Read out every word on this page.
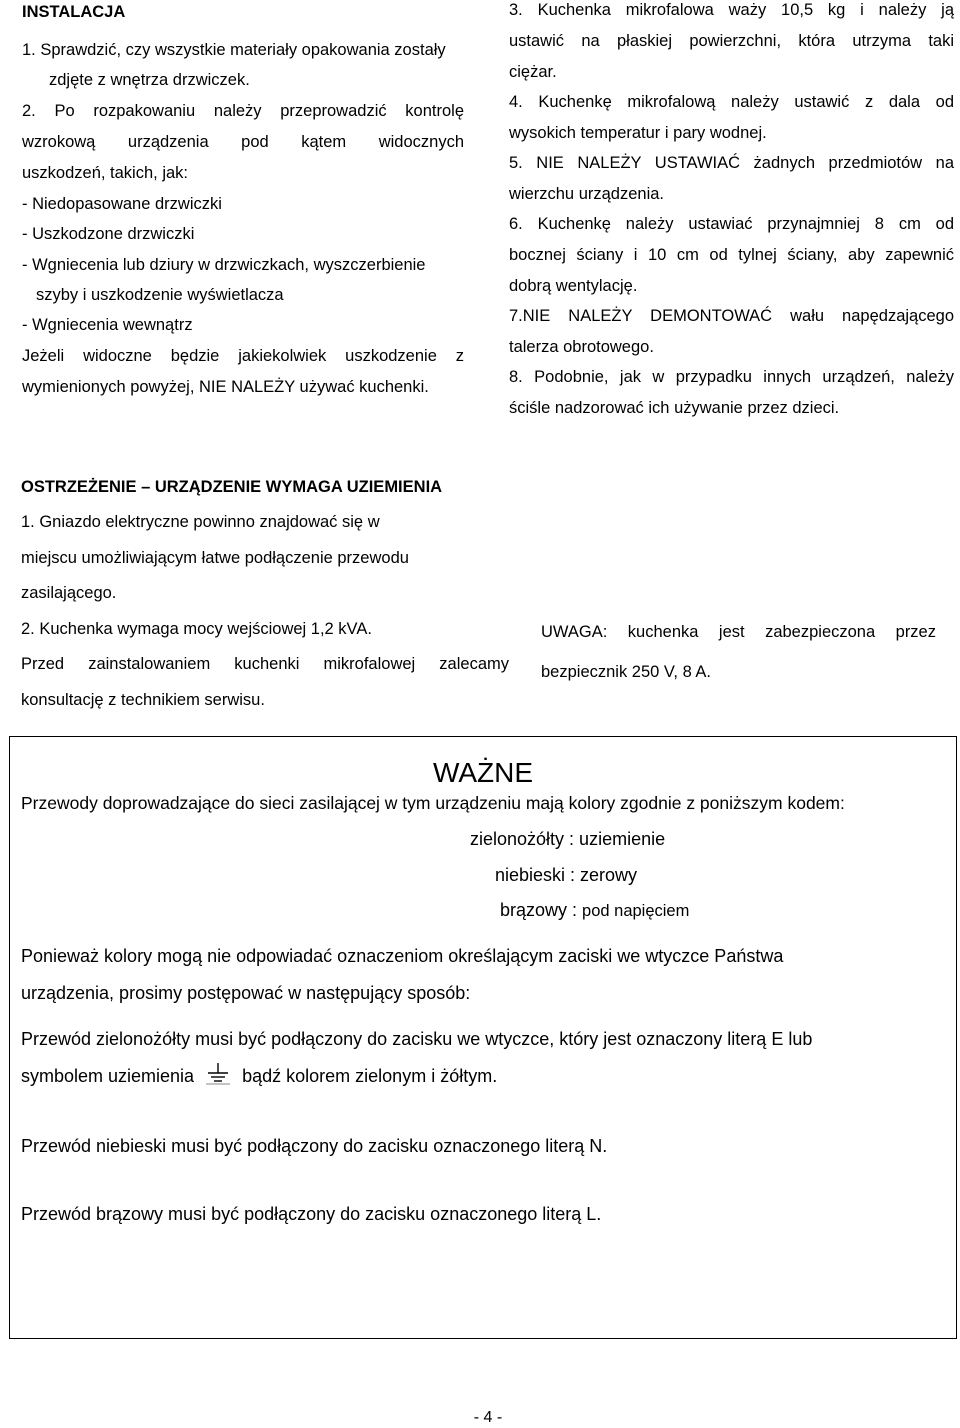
INSTALACJA
1. Sprawdzić, czy wszystkie materiały opakowania zostały
zdjęte z wnętrza drzwiczek.
2. Po rozpakowaniu należy przeprowadzić kontrolę
wzrokową urządzenia pod kątem widocznych
uszkodzeń, takich, jak:
- Niedopasowane drzwiczki
- Uszkodzone drzwiczki
- Wgniecenia lub dziury w drzwiczkach, wyszczerbienie
szyby i uszkodzenie wyświetlacza
- Wgniecenia wewnątrz
Jeżeli widoczne będzie jakiekolwiek uszkodzenie z
wymienionych powyżej, NIE NALEŻY używać kuchenki.
3. Kuchenka mikrofalowa waży 10,5 kg i należy ją
ustawić na płaskiej powierzchni, która utrzyma taki
ciężar.
4. Kuchenkę mikrofalową należy ustawić z dala od
wysokich temperatur i pary wodnej.
5. NIE NALEŻY USTAWIAĆ żadnych przedmiotów na
wierzchu urządzenia.
6. Kuchenkę należy ustawiać przynajmniej 8 cm od
bocznej ściany i 10 cm od tylnej ściany, aby zapewnić
dobrą wentylację.
7.NIE NALEŻY DEMONTOWAĆ wału napędzającego
talerza obrotowego.
8. Podobnie, jak w przypadku innych urządzeń, należy
ściśle nadzorować ich używanie przez dzieci.
OSTRZEŻENIE – URZĄDZENIE WYMAGA UZIEMIENIA
1. Gniazdo elektryczne powinno znajdować się w
miejscu umożliwiającym łatwe podłączenie przewodu
zasilającego.
2. Kuchenka wymaga mocy wejściowej 1,2 kVA.
Przed zainstalowaniem kuchenki mikrofalowej zalecamy
konsultację z technikiem serwisu.
UWAGA: kuchenka jest zabezpieczona przez
bezpiecznik 250 V, 8 A.
WAŻNE
Przewody doprowadzające do sieci zasilającej w tym urządzeniu mają kolory zgodnie z poniższym kodem:
zielonożółty : uziemienie
niebieski : zerowy
brązowy : pod napięciem
Ponieważ kolory mogą nie odpowiadać oznaczeniom określającym zaciski we wtyczce Państwa
urządzenia, prosimy postępować w następujący sposób:
Przewód zielonożółty musi być podłączony do zacisku we wtyczce, który jest oznaczony literą E lub
symbolem uziemienia	bądź kolorem zielonym i żółtym.
Przewód niebieski musi być podłączony do zacisku oznaczonego literą N.
Przewód brązowy musi być podłączony do zacisku oznaczonego literą L.
- 4 -
